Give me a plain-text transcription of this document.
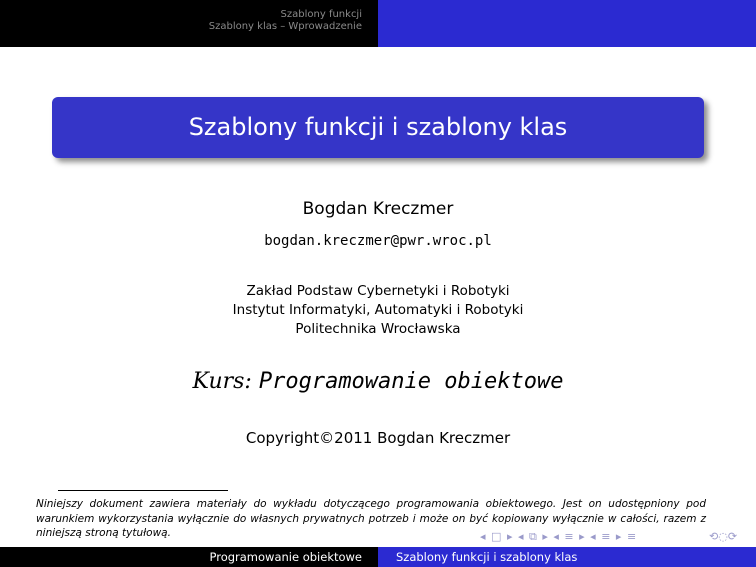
Szablony funkcji
Szablony klas – Wprowadzenie
Szablony funkcji i szablony klas
Bogdan Kreczmer
bogdan.kreczmer@pwr.wroc.pl
Zakład Podstaw Cybernetyki i Robotyki
Instytut Informatyki, Automatyki i Robotyki
Politechnika Wrocławska
Kurs: Programowanie obiektowe
Copyright©2011 Bogdan Kreczmer
Niniejszy dokument zawiera materiały do wykładu dotyczącego programowania obiektowego. Jest on udostępniony pod warunkiem wykorzystania wyłącznie do własnych prywatnych potrzeb i może on być kopiowany wyłącznie w całości, razem z niniejszą stroną tytułową.	◂ □ ▸ ◂ ⧉ ▸ ◂ ≡ ▸ ◂ ≡ ▸ ≡	⟲◌⟳
Programowanie obiektowe	Szablony funkcji i szablony klas
